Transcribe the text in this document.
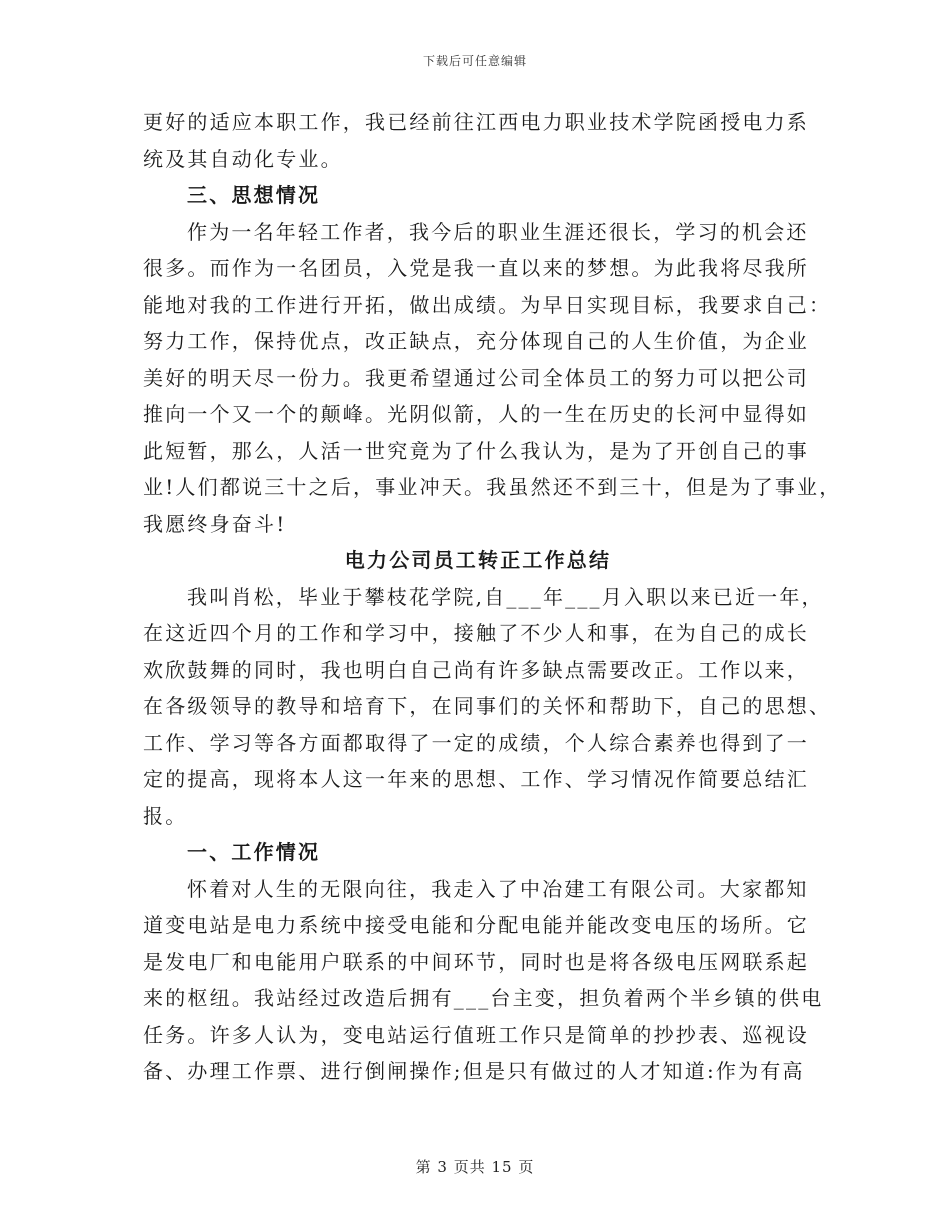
下载后可任意编辑
更好的适应本职工作，我已经前往江西电力职业技术学院函授电力系
统及其自动化专业。
三、思想情况
作为一名年轻工作者，我今后的职业生涯还很长，学习的机会还
很多。而作为一名团员，入党是我一直以来的梦想。为此我将尽我所
能地对我的工作进行开拓，做出成绩。为早日实现目标，我要求自己：
努力工作，保持优点，改正缺点，充分体现自己的人生价值，为企业
美好的明天尽一份力。我更希望通过公司全体员工的努力可以把公司
推向一个又一个的颠峰。光阴似箭，人的一生在历史的长河中显得如
此短暂，那么，人活一世究竟为了什么我认为，是为了开创自己的事
业!人们都说三十之后，事业冲天。我虽然还不到三十，但是为了事业，
我愿终身奋斗!
电力公司员工转正工作总结
我叫肖松，毕业于攀枝花学院,自___年___月入职以来已近一年，
在这近四个月的工作和学习中，接触了不少人和事，在为自己的成长
欢欣鼓舞的同时，我也明白自己尚有许多缺点需要改正。工作以来，
在各级领导的教导和培育下，在同事们的关怀和帮助下，自己的思想、
工作、学习等各方面都取得了一定的成绩，个人综合素养也得到了一
定的提高，现将本人这一年来的思想、工作、学习情况作简要总结汇
报。
一、工作情况
怀着对人生的无限向往，我走入了中冶建工有限公司。大家都知
道变电站是电力系统中接受电能和分配电能并能改变电压的场所。它
是发电厂和电能用户联系的中间环节，同时也是将各级电压网联系起
来的枢纽。我站经过改造后拥有___台主变，担负着两个半乡镇的供电
任务。许多人认为，变电站运行值班工作只是简单的抄抄表、巡视设
备、办理工作票、进行倒闸操作;但是只有做过的人才知道:作为有高
第 3 页共 15 页
